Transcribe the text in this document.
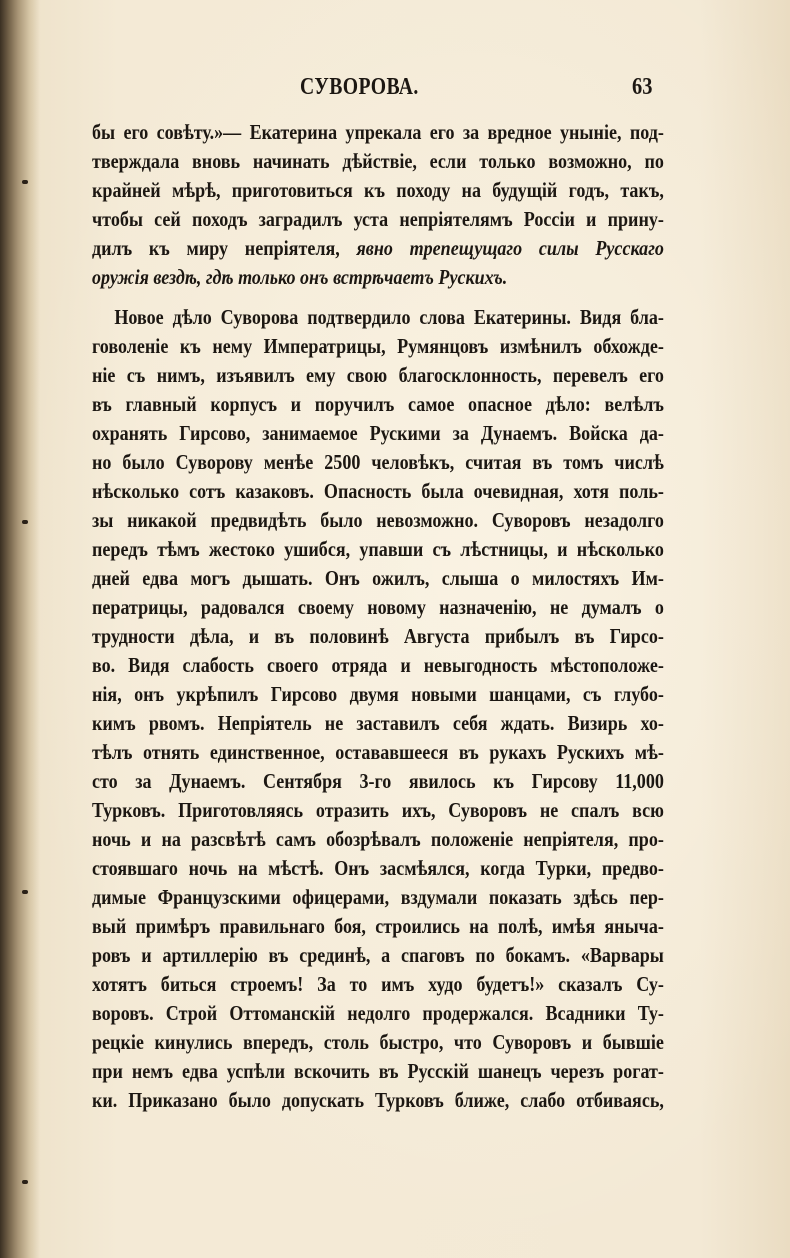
СУВОРОВА.	63
бы его совѣту.»— Екатерина упрекала его за вредное уныніе, под-
тверждала вновь начинать дѣйствіе, если только возможно, по
крайней мѣрѣ, приготовиться къ походу на будущій годъ, такъ,
чтобы сей походъ заградилъ уста непріятелямъ Россіи и прину-
дилъ къ миру непріятеля, явно трепещущаго силы Русскаго
оружія вездѣ, гдѣ только онъ встрѣчаетъ Рускихъ.
Новое дѣло Суворова подтвердило слова Екатерины. Видя бла-
говоленіе къ нему Императрицы, Румянцовъ измѣнилъ обхожде-
ніе съ нимъ, изъявилъ ему свою благосклонность, перевелъ его
въ главный корпусъ и поручилъ самое опасное дѣло: велѣлъ
охранять Гирсово, занимаемое Рускими за Дунаемъ. Войска да-
но было Суворову менѣе 2500 человѣкъ, считая въ томъ числѣ
нѣсколько сотъ казаковъ. Опасность была очевидная, хотя поль-
зы никакой предвидѣть было невозможно. Суворовъ незадолго
передъ тѣмъ жестоко ушибся, упавши съ лѣстницы, и нѣсколько
дней едва могъ дышать. Онъ ожилъ, слыша о милостяхъ Им-
ператрицы, радовался своему новому назначенію, не думалъ о
трудности дѣла, и въ половинѣ Августа прибылъ въ Гирсо-
во. Видя слабость своего отряда и невыгодность мѣстоположе-
нія, онъ укрѣпилъ Гирсово двумя новыми шанцами, съ глубо-
кимъ рвомъ. Непріятель не заставилъ себя ждать. Визирь хо-
тѣлъ отнять единственное, остававшееся въ рукахъ Рускихъ мѣ-
сто за Дунаемъ. Сентября 3-го явилось къ Гирсову 11,000
Турковъ. Приготовляясь отразить ихъ, Суворовъ не спалъ всю
ночь и на разсвѣтѣ самъ обозрѣвалъ положеніе непріятеля, про-
стоявшаго ночь на мѣстѣ. Онъ засмѣялся, когда Турки, предво-
димые Французскими офицерами, вздумали показать здѣсь пер-
вый примѣръ правильнаго боя, строились на полѣ, имѣя янычa-
ровъ и артиллерію въ срединѣ, а спаговъ по бокамъ. «Варвары
хотятъ биться строемъ! За то имъ худо будетъ!» сказалъ Су-
воровъ. Строй Оттоманскій недолго продержался. Всадники Ту-
рецкіе кинулись впередъ, столь быстро, что Суворовъ и бывшіе
при немъ едва успѣли вскочить въ Русскій шанецъ черезъ рогат-
ки. Приказано было допускать Турковъ ближе, слабо отбиваясь,
